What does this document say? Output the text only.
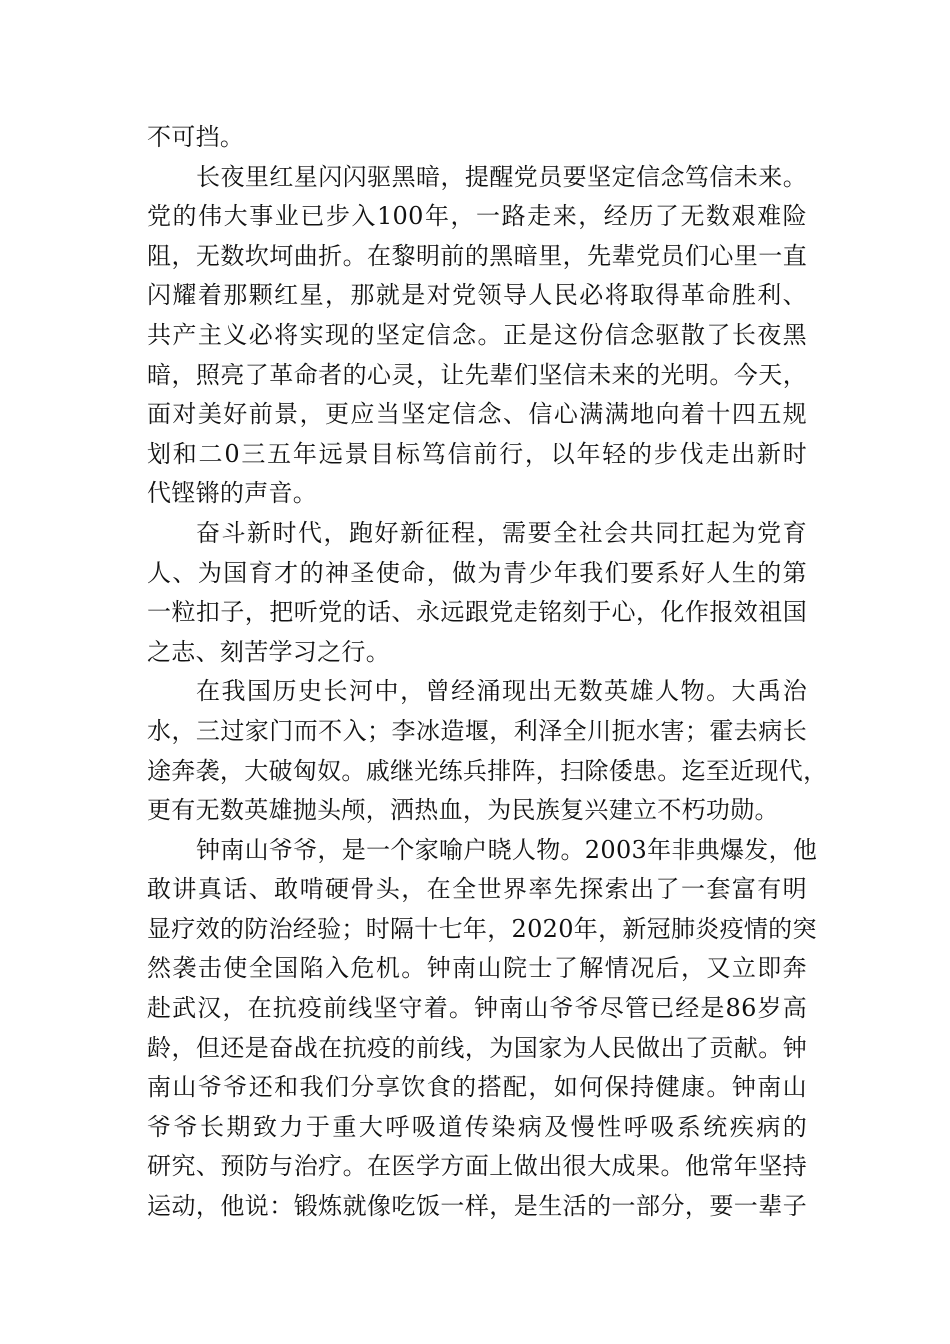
不可挡。
长夜里红星闪闪驱黑暗，提醒党员要坚定信念笃信未来。
党的伟大事业已步入100年，一路走来，经历了无数艰难险
阻，无数坎坷曲折。在黎明前的黑暗里，先辈党员们心里一直
闪耀着那颗红星，那就是对党领导人民必将取得革命胜利、
共产主义必将实现的坚定信念。正是这份信念驱散了长夜黑
暗，照亮了革命者的心灵，让先辈们坚信未来的光明。今天，
面对美好前景，更应当坚定信念、信心满满地向着十四五规
划和二0三五年远景目标笃信前行，以年轻的步伐走出新时
代铿锵的声音。
奋斗新时代，跑好新征程，需要全社会共同扛起为党育
人、为国育才的神圣使命，做为青少年我们要系好人生的第
一粒扣子，把听党的话、永远跟党走铭刻于心，化作报效祖国
之志、刻苦学习之行。
在我国历史长河中，曾经涌现出无数英雄人物。大禹治
水，三过家门而不入；李冰造堰，利泽全川扼水害；霍去病长
途奔袭，大破匈奴。戚继光练兵排阵，扫除倭患。迄至近现代，
更有无数英雄抛头颅，洒热血，为民族复兴建立不朽功勋。
钟南山爷爷，是一个家喻户晓人物。2003年非典爆发，他
敢讲真话、敢啃硬骨头，在全世界率先探索出了一套富有明
显疗效的防治经验；时隔十七年，2020年，新冠肺炎疫情的突
然袭击使全国陷入危机。钟南山院士了解情况后，又立即奔
赴武汉，在抗疫前线坚守着。钟南山爷爷尽管已经是86岁高
龄，但还是奋战在抗疫的前线，为国家为人民做出了贡献。钟
南山爷爷还和我们分享饮食的搭配，如何保持健康。钟南山
爷爷长期致力于重大呼吸道传染病及慢性呼吸系统疾病的
研究、预防与治疗。在医学方面上做出很大成果。他常年坚持
运动，他说：锻炼就像吃饭一样，是生活的一部分，要一辈子
